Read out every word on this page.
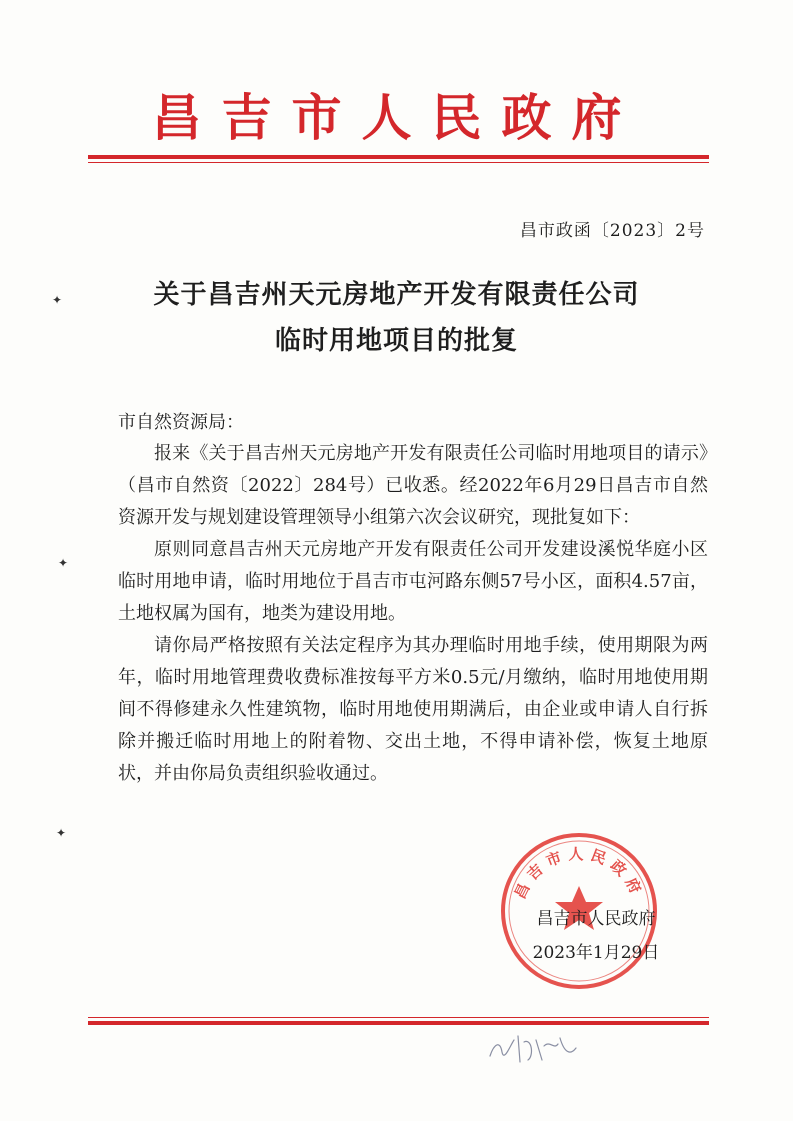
昌吉市人民政府
昌市政函〔2023〕2号
关于昌吉州天元房地产开发有限责任公司
临时用地项目的批复
市自然资源局：

报来《关于昌吉州天元房地产开发有限责任公司临时用地项目的请示》（昌市自然资〔2022〕284号）已收悉。经2022年6月29日昌吉市自然资源开发与规划建设管理领导小组第六次会议研究，现批复如下：

原则同意昌吉州天元房地产开发有限责任公司开发建设溪悦华庭小区临时用地申请，临时用地位于昌吉市屯河路东侧57号小区，面积4.57亩，土地权属为国有，地类为建设用地。

请你局严格按照有关法定程序为其办理临时用地手续，使用期限为两年，临时用地管理费收费标准按每平方米0.5元/月缴纳，临时用地使用期间不得修建永久性建筑物，临时用地使用期满后，由企业或申请人自行拆除并搬迁临时用地上的附着物、交出土地，不得申请补偿，恢复土地原状，并由你局负责组织验收通过。

昌吉市人民政府
昌吉市人民政府
2023年1月29日
✦
✦
✦
